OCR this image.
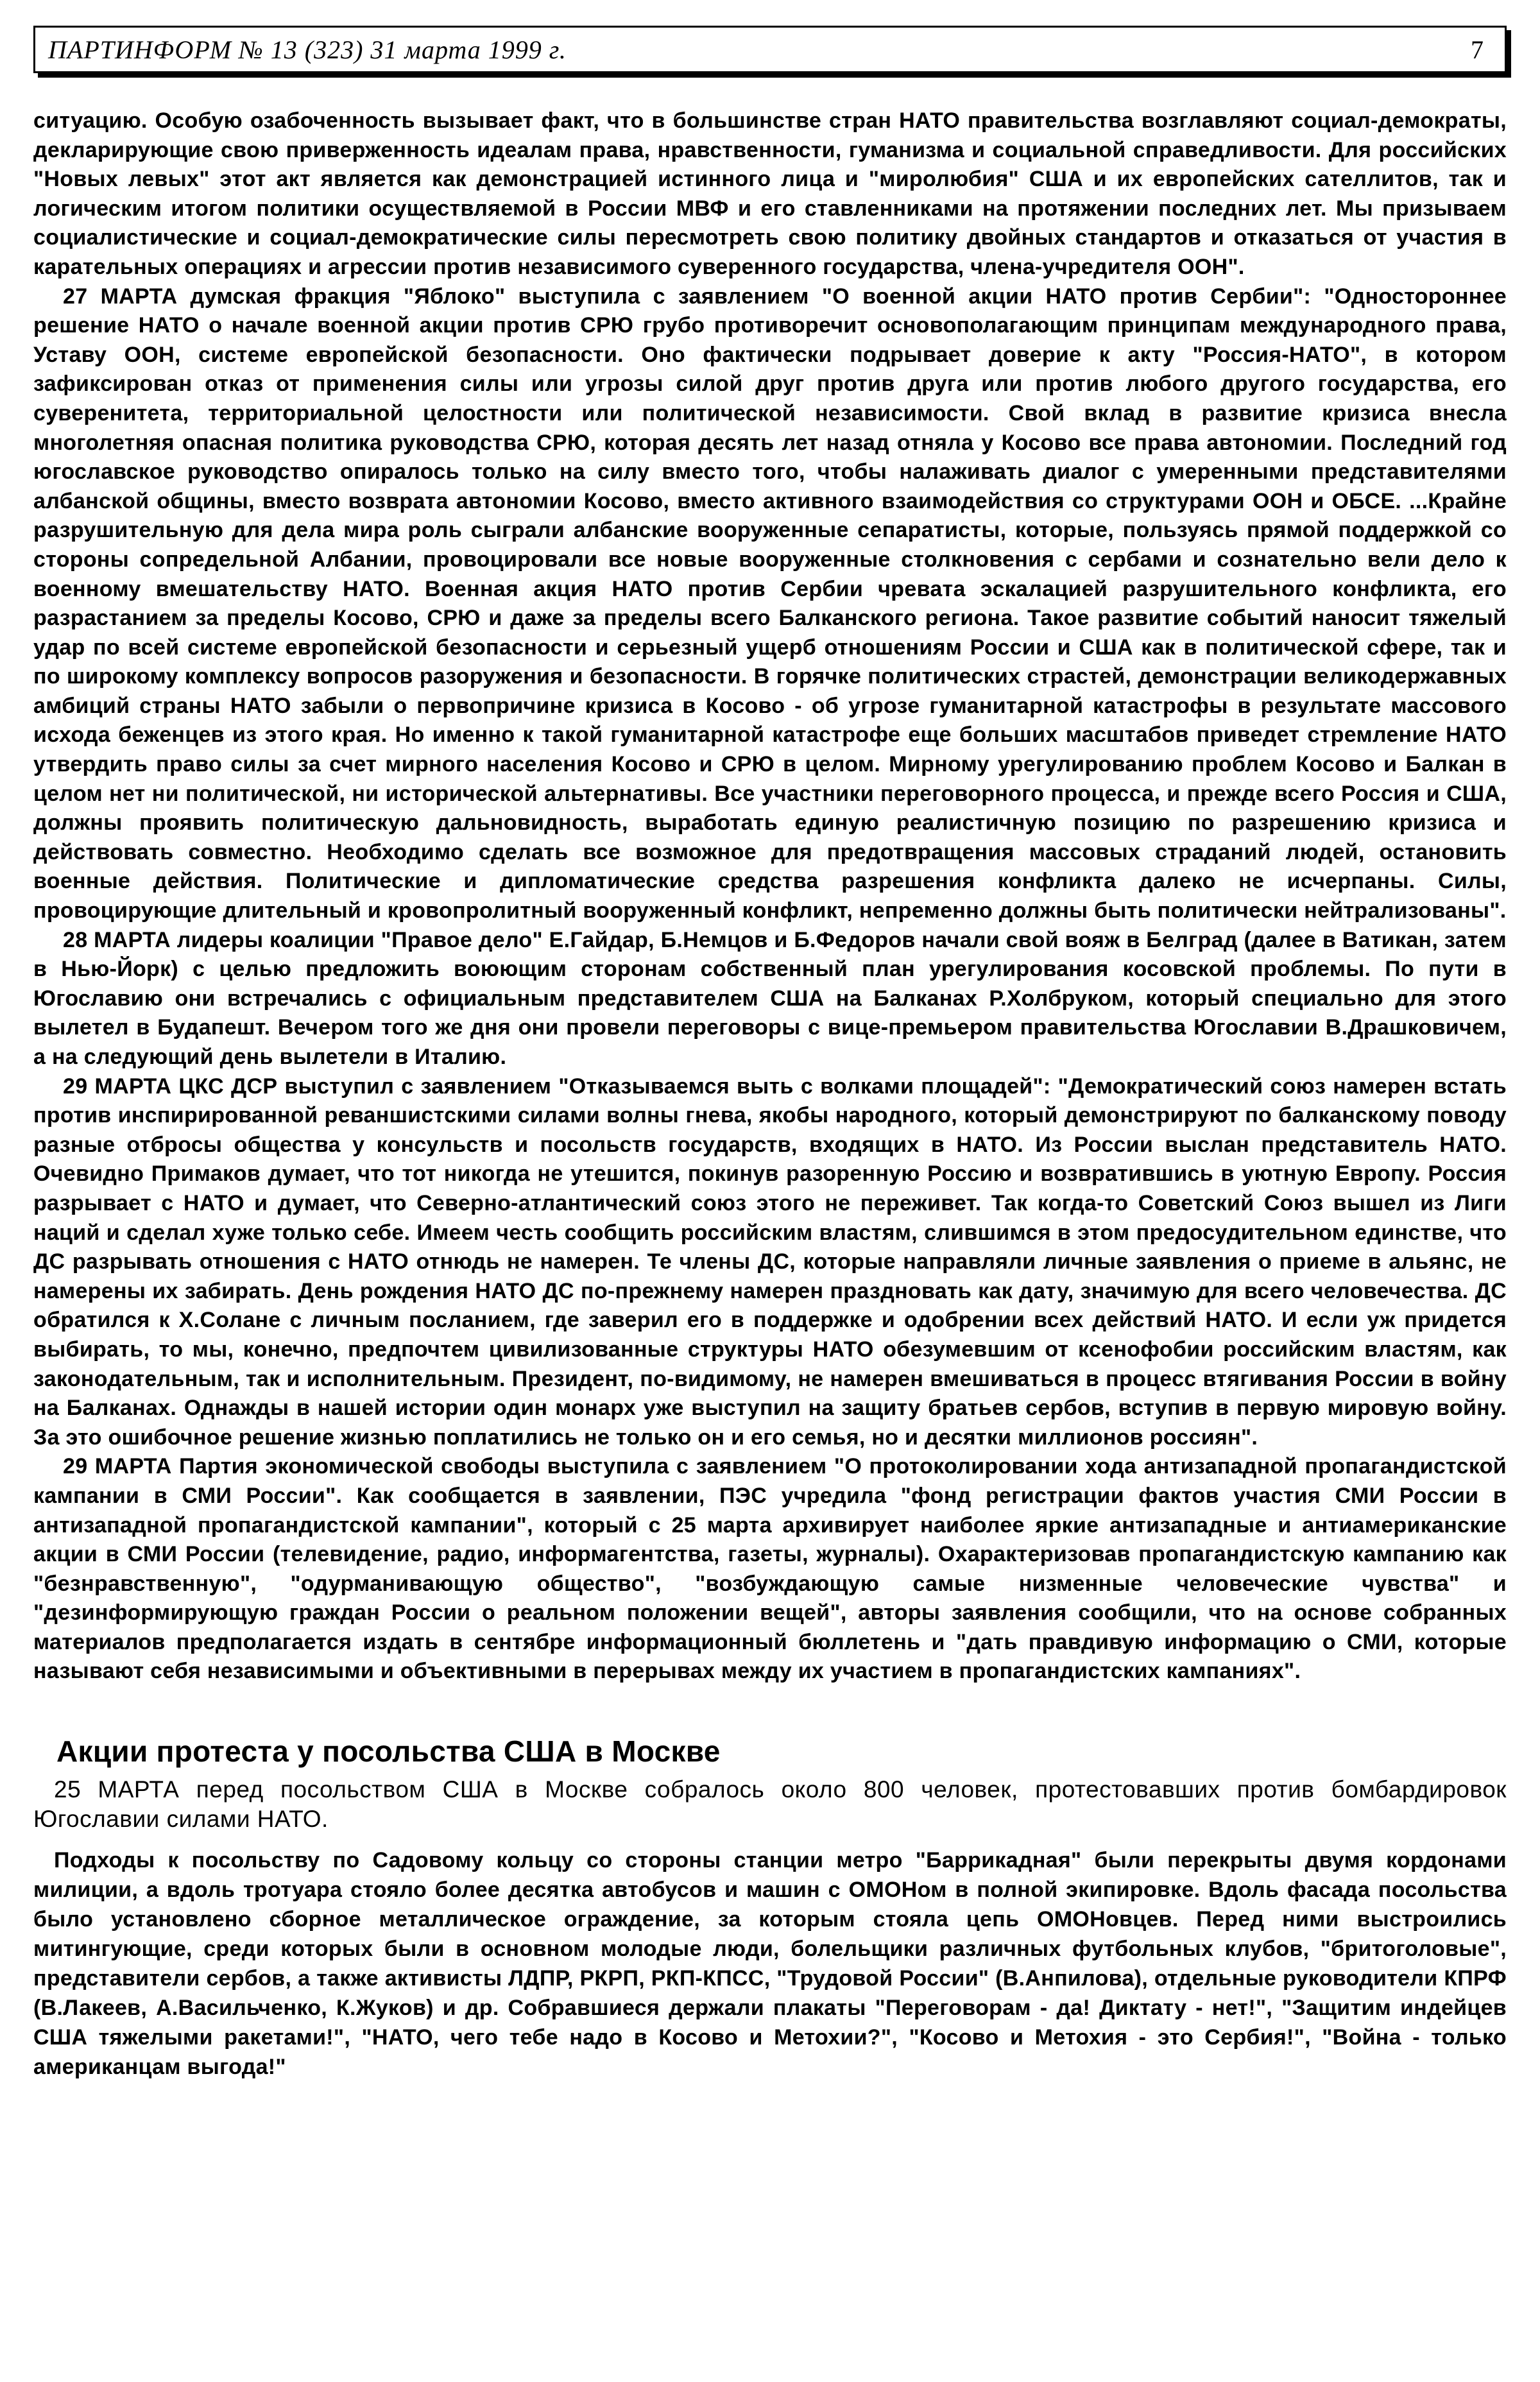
ПАРТИНФОРМ № 13 (323) 31 марта 1999 г.	7

ситуацию. Особую озабоченность вызывает факт, что в большинстве стран НАТО правительства возглавляют социал-демократы, декларирующие свою приверженность идеалам права, нравственности, гуманизма и социальной справедливости. Для российских "Новых левых" этот акт является как демонстрацией истинного лица и "миролюбия" США и их европейских сателлитов, так и логическим итогом политики осуществляемой в России МВФ и его ставленниками на протяжении последних лет. Мы призываем социалистические и социал-демократические силы пересмотреть свою политику двойных стандартов и отказаться от участия в карательных операциях и агрессии против независимого суверенного государства, члена-учредителя ООН".

27 МАРТА думская фракция "Яблоко" выступила с заявлением "О военной акции НАТО против Сербии": "Одностороннее решение НАТО о начале военной акции против СРЮ грубо противоречит основополагающим принципам международного права, Уставу ООН, системе европейской безопасности. Оно фактически подрывает доверие к акту "Россия-НАТО", в котором зафиксирован отказ от применения силы или угрозы силой друг против друга или против любого другого государства, его суверенитета, территориальной целостности или политической независимости. Свой вклад в развитие кризиса внесла многолетняя опасная политика руководства СРЮ, которая десять лет назад отняла у Косово все права автономии. Последний год югославское руководство опиралось только на силу вместо того, чтобы налаживать диалог с умеренными представителями албанской общины, вместо возврата автономии Косово, вместо активного взаимодействия со структурами ООН и ОБСЕ. ...Крайне разрушительную для дела мира роль сыграли албанские вооруженные сепаратисты, которые, пользуясь прямой поддержкой со стороны сопредельной Албании, провоцировали все новые вооруженные столкновения с сербами и сознательно вели дело к военному вмешательству НАТО. Военная акция НАТО против Сербии чревата эскалацией разрушительного конфликта, его разрастанием за пределы Косово, СРЮ и даже за пределы всего Балканского региона. Такое развитие событий наносит тяжелый удар по всей системе европейской безопасности и серьезный ущерб отношениям России и США как в политической сфере, так и по широкому комплексу вопросов разоружения и безопасности. В горячке политических страстей, демонстрации великодержавных амбиций страны НАТО забыли о первопричине кризиса в Косово - об угрозе гуманитарной катастрофы в результате массового исхода беженцев из этого края. Но именно к такой гуманитарной катастрофе еще больших масштабов приведет стремление НАТО утвердить право силы за счет мирного населения Косово и СРЮ в целом. Мирному урегулированию проблем Косово и Балкан в целом нет ни политической, ни исторической альтернативы. Все участники переговорного процесса, и прежде всего Россия и США, должны проявить политическую дальновидность, выработать единую реалистичную позицию по разрешению кризиса и действовать совместно. Необходимо сделать все возможное для предотвращения массовых страданий людей, остановить военные действия. Политические и дипломатические средства разрешения конфликта далеко не исчерпаны. Силы, провоцирующие длительный и кровопролитный вооруженный конфликт, непременно должны быть политически нейтрализованы".

28 МАРТА лидеры коалиции "Правое дело" Е.Гайдар, Б.Немцов и Б.Федоров начали свой вояж в Белград (далее в Ватикан, затем в Нью-Йорк) с целью предложить воюющим сторонам собственный план урегулирования косовской проблемы. По пути в Югославию они встречались с официальным представителем США на Балканах Р.Холбруком, который специально для этого вылетел в Будапешт. Вечером того же дня они провели переговоры с вице-премьером правительства Югославии В.Драшковичем, а на следующий день вылетели в Италию.

29 МАРТА ЦКС ДСР выступил с заявлением "Отказываемся выть с волками площадей": "Демократический союз намерен встать против инспирированной реваншистскими силами волны гнева, якобы народного, который демонстрируют по балканскому поводу разные отбросы общества у консульств и посольств государств, входящих в НАТО. Из России выслан представитель НАТО. Очевидно Примаков думает, что тот никогда не утешится, покинув разоренную Россию и возвратившись в уютную Европу. Россия разрывает с НАТО и думает, что Северно-атлантический союз этого не переживет. Так когда-то Советский Союз вышел из Лиги наций и сделал хуже только себе. Имеем честь сообщить российским властям, слившимся в этом предосудительном единстве, что ДС разрывать отношения с НАТО отнюдь не намерен. Те члены ДС, которые направляли личные заявления о приеме в альянс, не намерены их забирать. День рождения НАТО ДС по-прежнему намерен праздновать как дату, значимую для всего человечества. ДС обратился к Х.Солане с личным посланием, где заверил его в поддержке и одобрении всех действий НАТО. И если уж придется выбирать, то мы, конечно, предпочтем цивилизованные структуры НАТО обезумевшим от ксенофобии российским властям, как законодательным, так и исполнительным. Президент, по-видимому, не намерен вмешиваться в процесс втягивания России в войну на Балканах. Однажды в нашей истории один монарх уже выступил на защиту братьев сербов, вступив в первую мировую войну. За это ошибочное решение жизнью поплатились не только он и его семья, но и десятки миллионов россиян".

29 МАРТА Партия экономической свободы выступила с заявлением "О протоколировании хода антизападной пропагандистской кампании в СМИ России". Как сообщается в заявлении, ПЭС учредила "фонд регистрации фактов участия СМИ России в антизападной пропагандистской кампании", который с 25 марта архивирует наиболее яркие антизападные и антиамериканские акции в СМИ России (телевидение, радио, информагентства, газеты, журналы). Охарактеризовав пропагандистскую кампанию как "безнравственную", "одурманивающую общество", "возбуждающую самые низменные человеческие чувства" и "дезинформирующую граждан России о реальном положении вещей", авторы заявления сообщили, что на основе собранных материалов предполагается издать в сентябре информационный бюллетень и "дать правдивую информацию о СМИ, которые называют себя независимыми и объективными в перерывах между их участием в пропагандистских кампаниях".

Акции протеста у посольства США в Москве

25 МАРТА перед посольством США в Москве собралось около 800 человек, протестовавших против бомбардировок Югославии силами НАТО.

Подходы к посольству по Садовому кольцу со стороны станции метро "Баррикадная" были перекрыты двумя кордонами милиции, а вдоль тротуара стояло более десятка автобусов и машин с ОМОНом в полной экипировке. Вдоль фасада посольства было установлено сборное металлическое ограждение, за которым стояла цепь ОМОНовцев. Перед ними выстроились митингующие, среди которых были в основном молодые люди, болельщики различных футбольных клубов, "бритоголовые", представители сербов, а также активисты ЛДПР, РКРП, РКП-КПСС, "Трудовой России" (В.Анпилова), отдельные руководители КПРФ (В.Лакеев, А.Васильченко, К.Жуков) и др. Собравшиеся держали плакаты "Переговорам - да! Диктату - нет!", "Защитим индейцев США тяжелыми ракетами!", "НАТО, чего тебе надо в Косово и Метохии?", "Косово и Метохия - это Сербия!", "Война - только американцам выгода!"
